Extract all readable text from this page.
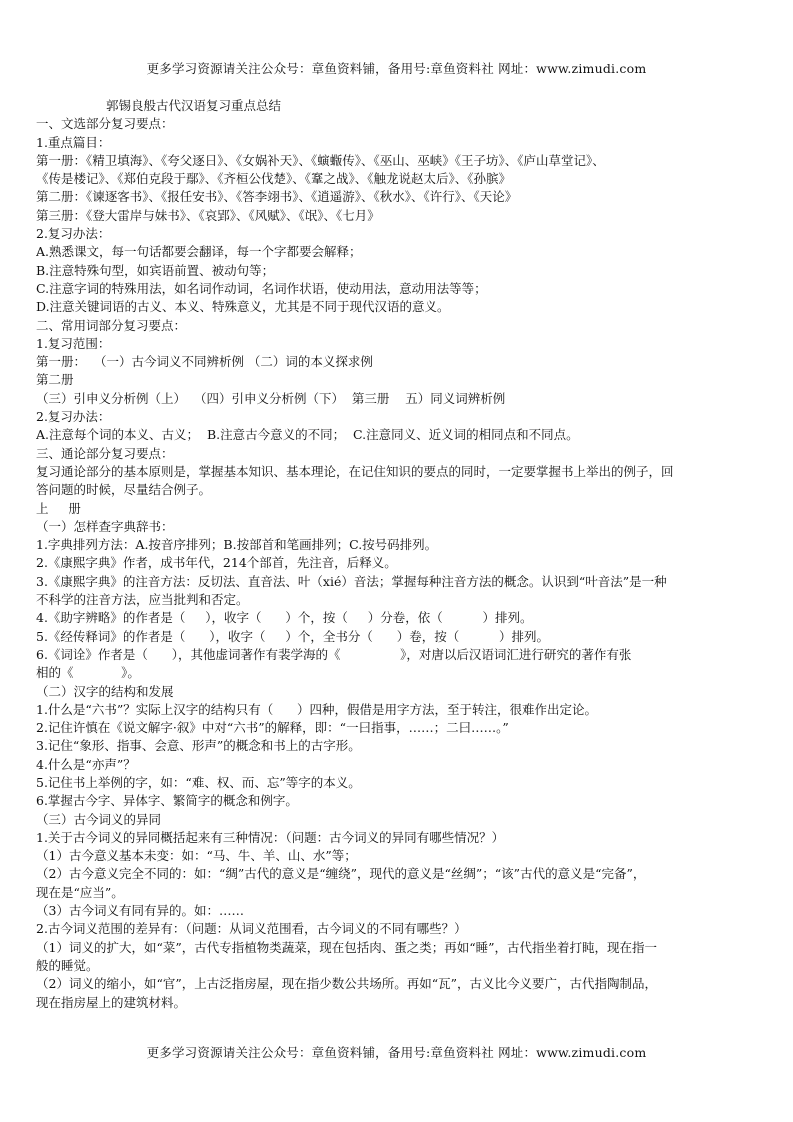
更多学习资源请关注公众号：章鱼资料铺，备用号:章鱼资料社 网址：www.zimudi.com
郭锡良般古代汉语复习重点总结
一、文选部分复习要点：
1.重点篇目：
第一册：《精卫填海》、《夸父逐日》、《女娲补天》、《螾蝂传》、《巫山、巫峡》《王子坊》、《庐山草堂记》、
《传是楼记》、《郑伯克段于鄢》、《齐桓公伐楚》、《鞌之战》、《触龙说赵太后》、《孙膑》
第二册：《谏逐客书》、《报任安书》、《答李翊书》、《逍遥游》、《秋水》、《许行》、《天论》
第三册：《登大雷岸与妹书》、《哀郢》、《风赋》、《氓》、《七月》
2.复习办法：
A.熟悉课文，每一句话都要会翻译，每一个字都要会解释；
B.注意特殊句型，如宾语前置、被动句等；
C.注意字词的特殊用法，如名词作动词，名词作状语，使动用法，意动用法等等；
D.注意关键词语的古义、本义、特殊意义，尤其是不同于现代汉语的意义。
二、常用词部分复习要点：
1.复习范围：
第一册：  （一）古今词义不同辨析例 （二）词的本义探求例
第二册
（三）引申义分析例（上）  （四）引申义分析例（下）  第三册    五）同义词辨析例
2.复习办法：
A.注意每个词的本义、古义；  B.注意古今意义的不同；  C.注意同义、近义词的相同点和不同点。
三、通论部分复习要点：
复习通论部分的基本原则是，掌握基本知识、基本理论，在记住知识的要点的同时，一定要掌握书上举出的例子，回
答问题的时候，尽量结合例子。
上     册
（一）怎样查字典辞书：
1.字典排列方法：A.按音序排列；B.按部首和笔画排列；C.按号码排列。
2.《康熙字典》作者，成书年代，214个部首，先注音，后释义。
3.《康熙字典》的注音方法：反切法、直音法、叶（xié）音法；掌握每种注音方法的概念。认识到“叶音法”是一种
不科学的注音方法，应当批判和否定。
4.《助字辨略》的作者是（     ），收字（      ）个，按（     ）分卷，依（          ）排列。
5.《经传释词》的作者是（      ），收字（     ）个，全书分（      ）卷，按（          ）排列。
6.《词诠》作者是（      ），其他虚词著作有裴学海的《               》，对唐以后汉语词汇进行研究的著作有张
相的《            》。
（二）汉字的结构和发展
1.什么是“六书”？实际上汉字的结构只有（      ）四种，假借是用字方法，至于转注，很难作出定论。
2.记住许慎在《说文解字·叙》中对“六书”的解释，即：“一曰指事，……；二曰……。”
3.记住“象形、指事、会意、形声”的概念和书上的古字形。
4.什么是“亦声”？
5.记住书上举例的字，如：“难、权、而、忘”等字的本义。
6.掌握古今字、异体字、繁简字的概念和例字。
（三）古今词义的异同
1.关于古今词义的异同概括起来有三种情况：（问题：古今词义的异同有哪些情况？）
（1）古今意义基本未变：如：“马、牛、羊、山、水”等；
（2）古今意义完全不同的：如：“绸”古代的意义是“缠绕”，现代的意义是“丝绸”；“该”古代的意义是“完备”，
现在是“应当”。
（3）古今词义有同有异的。如：……
2.古今词义范围的差异有：（问题：从词义范围看，古今词义的不同有哪些？）
（1）词义的扩大，如“菜”，古代专指植物类蔬菜，现在包括肉、蛋之类；再如“睡”，古代指坐着打盹，现在指一
般的睡觉。
（2）词义的缩小，如“官”，上古泛指房屋，现在指少数公共场所。再如“瓦”，古义比今义要广，古代指陶制品，
现在指房屋上的建筑材料。
更多学习资源请关注公众号：章鱼资料铺，备用号:章鱼资料社 网址：www.zimudi.com
